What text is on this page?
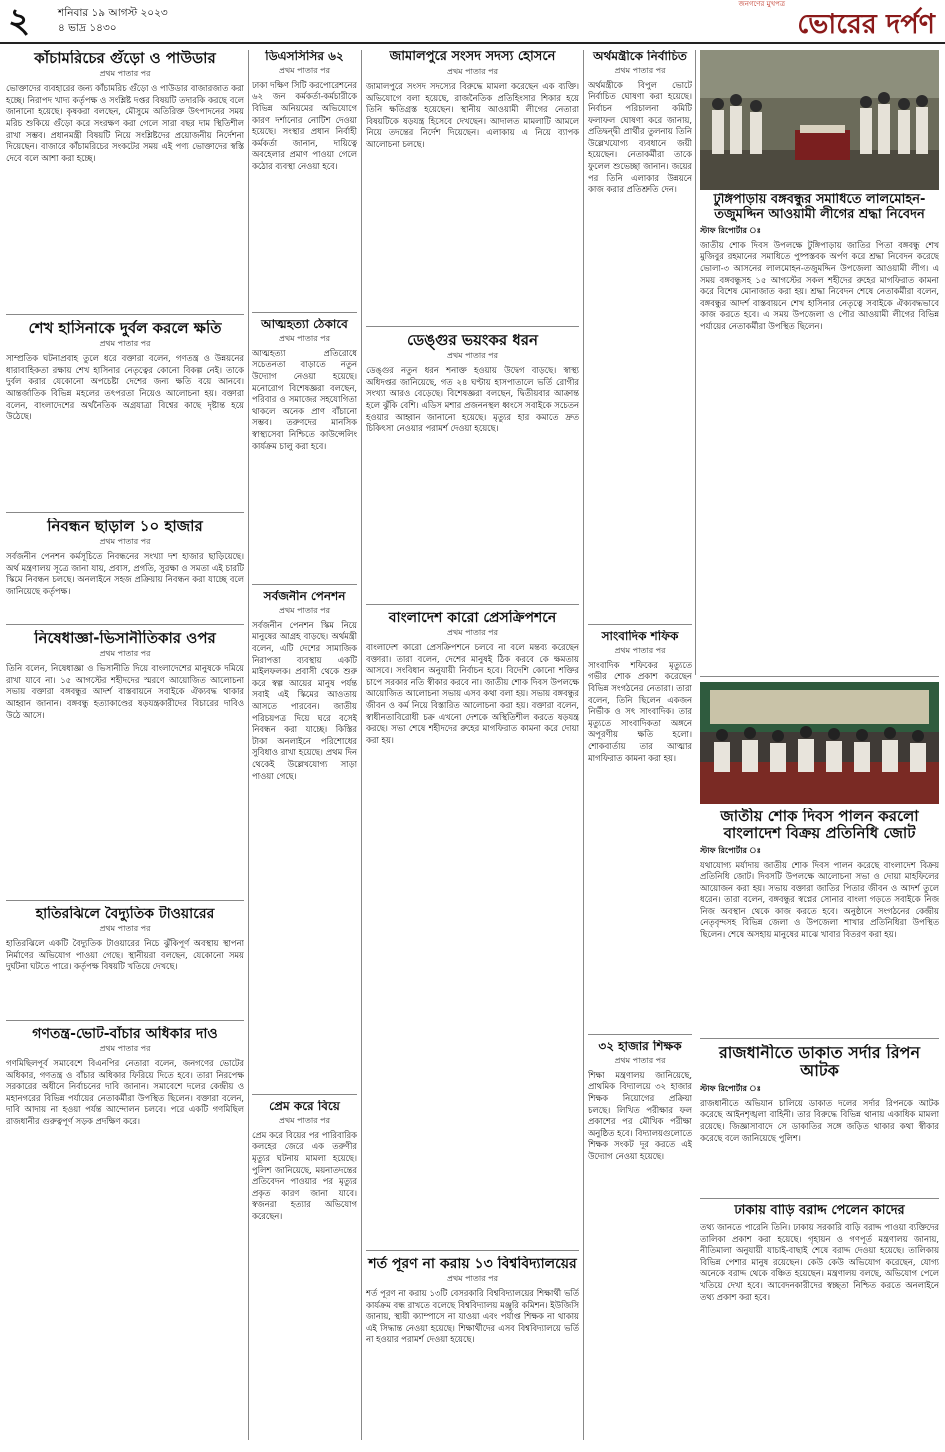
২	শনিবার ১৯ আগস্ট ২০২৩
৪ ভাদ্র ১৪৩০
জনগণের মুখপত্র
ভোরের দর্পণ
কাঁচামরিচের গুঁড়ো ও পাউডার
প্রথম পাতার পর
ভোক্তাদের ব্যবহারের জন্য কাঁচামরিচ গুঁড়ো ও পাউডার বাজারজাত করা হচ্ছে। নিরাপদ খাদ্য কর্তৃপক্ষ ও সংশ্লিষ্ট দপ্তর বিষয়টি তদারকি করছে বলে জানানো হয়েছে। কৃষকরা বলছেন, মৌসুমে অতিরিক্ত উৎপাদনের সময় মরিচ শুকিয়ে গুঁড়ো করে সংরক্ষণ করা গেলে সারা বছর দাম স্থিতিশীল রাখা সম্ভব। প্রধানমন্ত্রী বিষয়টি নিয়ে সংশ্লিষ্টদের প্রয়োজনীয় নির্দেশনা দিয়েছেন। বাজারে কাঁচামরিচের সংকটের সময় এই পণ্য ভোক্তাদের স্বস্তি দেবে বলে আশা করা হচ্ছে।
শেখ হাসিনাকে দুর্বল করলে ক্ষতি
প্রথম পাতার পর
সাম্প্রতিক ঘটনাপ্রবাহ তুলে ধরে বক্তারা বলেন, গণতন্ত্র ও উন্নয়নের ধারাবাহিকতা রক্ষায় শেখ হাসিনার নেতৃত্বের কোনো বিকল্প নেই। তাকে দুর্বল করার যেকোনো অপচেষ্টা দেশের জন্য ক্ষতি বয়ে আনবে। আন্তর্জাতিক বিভিন্ন মহলের তৎপরতা নিয়েও আলোচনা হয়। বক্তারা বলেন, বাংলাদেশের অর্থনৈতিক অগ্রযাত্রা বিশ্বের কাছে দৃষ্টান্ত হয়ে উঠেছে।
নিবন্ধন ছাড়াল ১০ হাজার
প্রথম পাতার পর
সর্বজনীন পেনশন কর্মসূচিতে নিবন্ধনের সংখ্যা দশ হাজার ছাড়িয়েছে। অর্থ মন্ত্রণালয় সূত্রে জানা যায়, প্রবাস, প্রগতি, সুরক্ষা ও সমতা এই চারটি স্কিমে নিবন্ধন চলছে। অনলাইনে সহজ প্রক্রিয়ায় নিবন্ধন করা যাচ্ছে বলে জানিয়েছে কর্তৃপক্ষ।
নিষেধাজ্ঞা-ভিসানীতিকার ওপর
প্রথম পাতার পর
তিনি বলেন, নিষেধাজ্ঞা ও ভিসানীতি দিয়ে বাংলাদেশের মানুষকে দমিয়ে রাখা যাবে না। ১৫ আগস্টের শহীদদের স্মরণে আয়োজিত আলোচনা সভায় বক্তারা বঙ্গবন্ধুর আদর্শ বাস্তবায়নে সবাইকে ঐক্যবদ্ধ থাকার আহ্বান জানান। বঙ্গবন্ধু হত্যাকাণ্ডের ষড়যন্ত্রকারীদের বিচারের দাবিও উঠে আসে।
হাতিরঝিলে বৈদ্যুতিক টাওয়ারের
প্রথম পাতার পর
হাতিরঝিলে একটি বৈদ্যুতিক টাওয়ারের নিচে ঝুঁকিপূর্ণ অবস্থায় স্থাপনা নির্মাণের অভিযোগ পাওয়া গেছে। স্থানীয়রা বলছেন, যেকোনো সময় দুর্ঘটনা ঘটতে পারে। কর্তৃপক্ষ বিষয়টি খতিয়ে দেখছে।
গণতন্ত্র-ভোট-বাঁচার অধিকার দাও
প্রথম পাতার পর
গণমিছিলপূর্ব সমাবেশে বিএনপির নেতারা বলেন, জনগণের ভোটের অধিকার, গণতন্ত্র ও বাঁচার অধিকার ফিরিয়ে দিতে হবে। তারা নিরপেক্ষ সরকারের অধীনে নির্বাচনের দাবি জানান। সমাবেশে দলের কেন্দ্রীয় ও মহানগরের বিভিন্ন পর্যায়ের নেতাকর্মীরা উপস্থিত ছিলেন। বক্তারা বলেন, দাবি আদায় না হওয়া পর্যন্ত আন্দোলন চলবে। পরে একটি গণমিছিল রাজধানীর গুরুত্বপূর্ণ সড়ক প্রদক্ষিণ করে।
ডিএসসিসির ৬২
প্রথম পাতার পর
ঢাকা দক্ষিণ সিটি করপোরেশনের ৬২ জন কর্মকর্তা-কর্মচারীকে বিভিন্ন অনিয়মের অভিযোগে কারণ দর্শানোর নোটিশ দেওয়া হয়েছে। সংস্থার প্রধান নির্বাহী কর্মকর্তা জানান, দায়িত্বে অবহেলার প্রমাণ পাওয়া গেলে কঠোর ব্যবস্থা নেওয়া হবে।
আত্মহত্যা ঠেকাবে
প্রথম পাতার পর
আত্মহত্যা প্রতিরোধে সচেতনতা বাড়াতে নতুন উদ্যোগ নেওয়া হয়েছে। মনোরোগ বিশেষজ্ঞরা বলছেন, পরিবার ও সমাজের সহযোগিতা থাকলে অনেক প্রাণ বাঁচানো সম্ভব। তরুণদের মানসিক স্বাস্থ্যসেবা নিশ্চিতে কাউন্সেলিং কার্যক্রম চালু করা হবে।
সর্বজনীন পেনশন
প্রথম পাতার পর
সর্বজনীন পেনশন স্কিম নিয়ে মানুষের আগ্রহ বাড়ছে। অর্থমন্ত্রী বলেন, এটি দেশের সামাজিক নিরাপত্তা ব্যবস্থায় একটি মাইলফলক। প্রবাসী থেকে শুরু করে স্বল্প আয়ের মানুষ পর্যন্ত সবাই এই স্কিমের আওতায় আসতে পারবেন। জাতীয় পরিচয়পত্র দিয়ে ঘরে বসেই নিবন্ধন করা যাচ্ছে। কিস্তির টাকা অনলাইনে পরিশোধের সুবিধাও রাখা হয়েছে। প্রথম দিন থেকেই উল্লেখযোগ্য সাড়া পাওয়া গেছে।
প্রেম করে বিয়ে
প্রথম পাতার পর
প্রেম করে বিয়ের পর পারিবারিক কলহের জেরে এক তরুণীর মৃত্যুর ঘটনায় মামলা হয়েছে। পুলিশ জানিয়েছে, ময়নাতদন্তের প্রতিবেদন পাওয়ার পর মৃত্যুর প্রকৃত কারণ জানা যাবে। স্বজনরা হত্যার অভিযোগ করেছেন।
জামালপুরে সংসদ সদস্য হোসনে
প্রথম পাতার পর
জামালপুরে সংসদ সদস্যের বিরুদ্ধে মামলা করেছেন এক ব্যক্তি। অভিযোগে বলা হয়েছে, রাজনৈতিক প্রতিহিংসার শিকার হয়ে তিনি ক্ষতিগ্রস্ত হয়েছেন। স্থানীয় আওয়ামী লীগের নেতারা বিষয়টিকে ষড়যন্ত্র হিসেবে দেখছেন। আদালত মামলাটি আমলে নিয়ে তদন্তের নির্দেশ দিয়েছেন। এলাকায় এ নিয়ে ব্যাপক আলোচনা চলছে।
ডেঙ্গুর ভয়ংকর ধরন
প্রথম পাতার পর
ডেঙ্গুর নতুন ধরন শনাক্ত হওয়ায় উদ্বেগ বাড়ছে। স্বাস্থ্য অধিদপ্তর জানিয়েছে, গত ২৪ ঘণ্টায় হাসপাতালে ভর্তি রোগীর সংখ্যা আরও বেড়েছে। বিশেষজ্ঞরা বলছেন, দ্বিতীয়বার আক্রান্ত হলে ঝুঁকি বেশি। এডিস মশার প্রজননস্থল ধ্বংসে সবাইকে সচেতন হওয়ার আহ্বান জানানো হয়েছে। মৃত্যুর হার কমাতে দ্রুত চিকিৎসা নেওয়ার পরামর্শ দেওয়া হয়েছে।
বাংলাদেশ কারো প্রেসক্রিপশনে
প্রথম পাতার পর
বাংলাদেশ কারো প্রেসক্রিপশনে চলবে না বলে মন্তব্য করেছেন বক্তারা। তারা বলেন, দেশের মানুষই ঠিক করবে কে ক্ষমতায় আসবে। সংবিধান অনুযায়ী নির্বাচন হবে। বিদেশি কোনো শক্তির চাপে সরকার নতি স্বীকার করবে না। জাতীয় শোক দিবস উপলক্ষে আয়োজিত আলোচনা সভায় এসব কথা বলা হয়। সভায় বঙ্গবন্ধুর জীবন ও কর্ম নিয়ে বিস্তারিত আলোচনা করা হয়। বক্তারা বলেন, স্বাধীনতাবিরোধী চক্র এখনো দেশকে অস্থিতিশীল করতে ষড়যন্ত্র করছে। সভা শেষে শহীদদের রুহের মাগফিরাত কামনা করে দোয়া করা হয়।
শর্ত পূরণ না করায় ১৩ বিশ্ববিদ্যালয়ের
প্রথম পাতার পর
শর্ত পূরণ না করায় ১৩টি বেসরকারি বিশ্ববিদ্যালয়ের শিক্ষার্থী ভর্তি কার্যক্রম বন্ধ রাখতে বলেছে বিশ্ববিদ্যালয় মঞ্জুরি কমিশন। ইউজিসি জানায়, স্থায়ী ক্যাম্পাসে না যাওয়া এবং পর্যাপ্ত শিক্ষক না থাকায় এই সিদ্ধান্ত নেওয়া হয়েছে। শিক্ষার্থীদের এসব বিশ্ববিদ্যালয়ে ভর্তি না হওয়ার পরামর্শ দেওয়া হয়েছে।
অর্থমন্ত্রীকে নির্বাচিত
প্রথম পাতার পর
অর্থমন্ত্রীকে বিপুল ভোটে নির্বাচিত ঘোষণা করা হয়েছে। নির্বাচন পরিচালনা কমিটি ফলাফল ঘোষণা করে জানায়, প্রতিদ্বন্দ্বী প্রার্থীর তুলনায় তিনি উল্লেখযোগ্য ব্যবধানে জয়ী হয়েছেন। নেতাকর্মীরা তাকে ফুলেল শুভেচ্ছা জানান। জয়ের পর তিনি এলাকার উন্নয়নে কাজ করার প্রতিশ্রুতি দেন।
সাংবাদিক শফিক
প্রথম পাতার পর
সাংবাদিক শফিকের মৃত্যুতে গভীর শোক প্রকাশ করেছেন বিভিন্ন সংগঠনের নেতারা। তারা বলেন, তিনি ছিলেন একজন নির্ভীক ও সৎ সাংবাদিক। তার মৃত্যুতে সাংবাদিকতা অঙ্গনে অপূরণীয় ক্ষতি হলো। শোকবার্তায় তার আত্মার মাগফিরাত কামনা করা হয়।
৩২ হাজার শিক্ষক
প্রথম পাতার পর
শিক্ষা মন্ত্রণালয় জানিয়েছে, প্রাথমিক বিদ্যালয়ে ৩২ হাজার শিক্ষক নিয়োগের প্রক্রিয়া চলছে। লিখিত পরীক্ষার ফল প্রকাশের পর মৌখিক পরীক্ষা অনুষ্ঠিত হবে। বিদ্যালয়গুলোতে শিক্ষক সংকট দূর করতে এই উদ্যোগ নেওয়া হয়েছে।
টুঙ্গিপাড়ায় বঙ্গবন্ধুর সমাধিতে লালমোহন-তজুমদ্দিন আওয়ামী লীগের শ্রদ্ধা নিবেদন
স্টাফ রিপোর্টার ঃ
জাতীয় শোক দিবস উপলক্ষে টুঙ্গিপাড়ায় জাতির পিতা বঙ্গবন্ধু শেখ মুজিবুর রহমানের সমাধিতে পুষ্পস্তবক অর্পণ করে শ্রদ্ধা নিবেদন করেছে ভোলা-৩ আসনের লালমোহন-তজুমদ্দিন উপজেলা আওয়ামী লীগ। এ সময় বঙ্গবন্ধুসহ ১৫ আগস্টের সকল শহীদের রুহের মাগফিরাত কামনা করে বিশেষ মোনাজাত করা হয়। শ্রদ্ধা নিবেদন শেষে নেতাকর্মীরা বলেন, বঙ্গবন্ধুর আদর্শ বাস্তবায়নে শেখ হাসিনার নেতৃত্বে সবাইকে ঐক্যবদ্ধভাবে কাজ করতে হবে। এ সময় উপজেলা ও পৌর আওয়ামী লীগের বিভিন্ন পর্যায়ের নেতাকর্মীরা উপস্থিত ছিলেন।
জাতীয় শোক দিবস পালন করলো বাংলাদেশ বিক্রয় প্রতিনিধি জোট
স্টাফ রিপোর্টার ঃ
যথাযোগ্য মর্যাদায় জাতীয় শোক দিবস পালন করেছে বাংলাদেশ বিক্রয় প্রতিনিধি জোট। দিবসটি উপলক্ষে আলোচনা সভা ও দোয়া মাহফিলের আয়োজন করা হয়। সভায় বক্তারা জাতির পিতার জীবন ও আদর্শ তুলে ধরেন। তারা বলেন, বঙ্গবন্ধুর স্বপ্নের সোনার বাংলা গড়তে সবাইকে নিজ নিজ অবস্থান থেকে কাজ করতে হবে। অনুষ্ঠানে সংগঠনের কেন্দ্রীয় নেতৃবৃন্দসহ বিভিন্ন জেলা ও উপজেলা শাখার প্রতিনিধিরা উপস্থিত ছিলেন। শেষে অসহায় মানুষের মাঝে খাবার বিতরণ করা হয়।
রাজধানীতে ডাকাত সর্দার রিপন আটক
স্টাফ রিপোর্টার ঃ
রাজধানীতে অভিযান চালিয়ে ডাকাত দলের সর্দার রিপনকে আটক করেছে আইনশৃঙ্খলা বাহিনী। তার বিরুদ্ধে বিভিন্ন থানায় একাধিক মামলা রয়েছে। জিজ্ঞাসাবাদে সে ডাকাতির সঙ্গে জড়িত থাকার কথা স্বীকার করেছে বলে জানিয়েছে পুলিশ।
ঢাকায় বাড়ি বরাদ্দ পেলেন কাদের
তথ্য জানতে পারেনি তিনি। ঢাকায় সরকারি বাড়ি বরাদ্দ পাওয়া ব্যক্তিদের তালিকা প্রকাশ করা হয়েছে। গৃহায়ন ও গণপূর্ত মন্ত্রণালয় জানায়, নীতিমালা অনুযায়ী যাচাই-বাছাই শেষে বরাদ্দ দেওয়া হয়েছে। তালিকায় বিভিন্ন পেশার মানুষ রয়েছেন। কেউ কেউ অভিযোগ করেছেন, যোগ্য অনেকে বরাদ্দ থেকে বঞ্চিত হয়েছেন। মন্ত্রণালয় বলছে, অভিযোগ পেলে খতিয়ে দেখা হবে। আবেদনকারীদের স্বচ্ছতা নিশ্চিত করতে অনলাইনে তথ্য প্রকাশ করা হবে।
